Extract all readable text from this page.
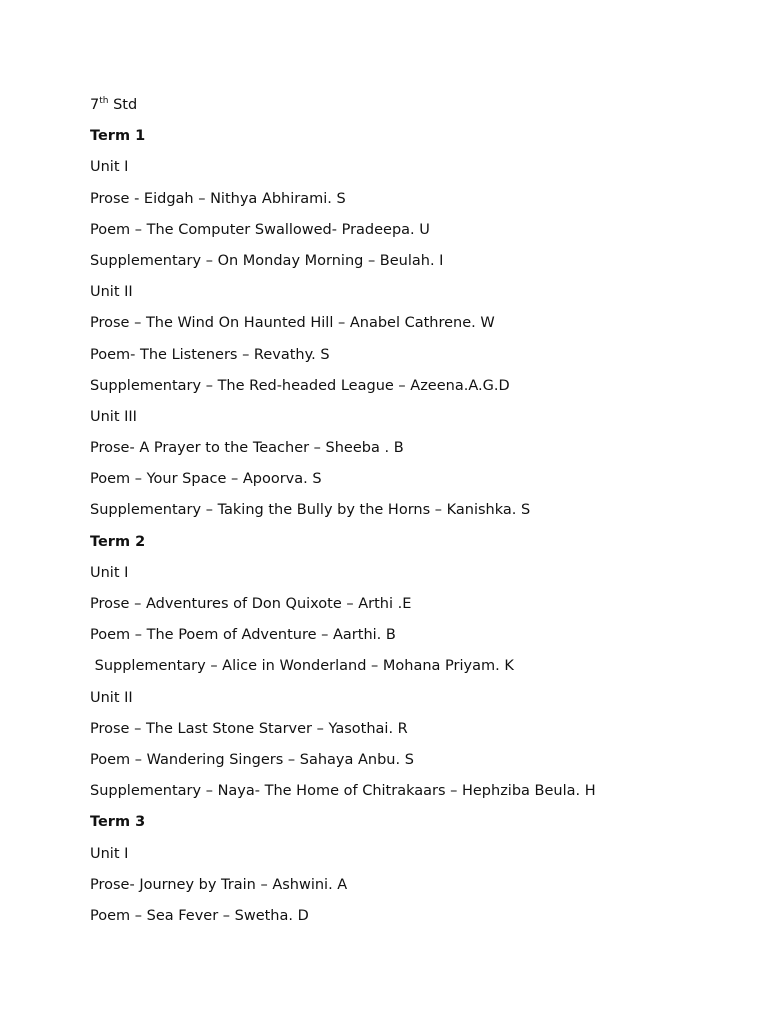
7th Std
Term 1
Unit I
Prose - Eidgah – Nithya Abhirami. S
Poem – The Computer Swallowed- Pradeepa. U
Supplementary – On Monday Morning – Beulah. I
Unit II
Prose – The Wind On Haunted Hill – Anabel Cathrene. W
Poem- The Listeners – Revathy. S
Supplementary – The Red-headed League – Azeena.A.G.D
Unit III
Prose- A Prayer to the Teacher – Sheeba . B
Poem – Your Space – Apoorva. S
Supplementary – Taking the Bully by the Horns – Kanishka. S
Term 2
Unit I
Prose – Adventures of Don Quixote – Arthi .E
Poem – The Poem of Adventure – Aarthi. B
Supplementary – Alice in Wonderland – Mohana Priyam. K
Unit II
Prose – The Last Stone Starver – Yasothai. R
Poem – Wandering Singers – Sahaya Anbu. S
Supplementary – Naya- The Home of Chitrakaars – Hephziba Beula. H
Term 3
Unit I
Prose- Journey by Train – Ashwini. A
Poem – Sea Fever – Swetha. D
